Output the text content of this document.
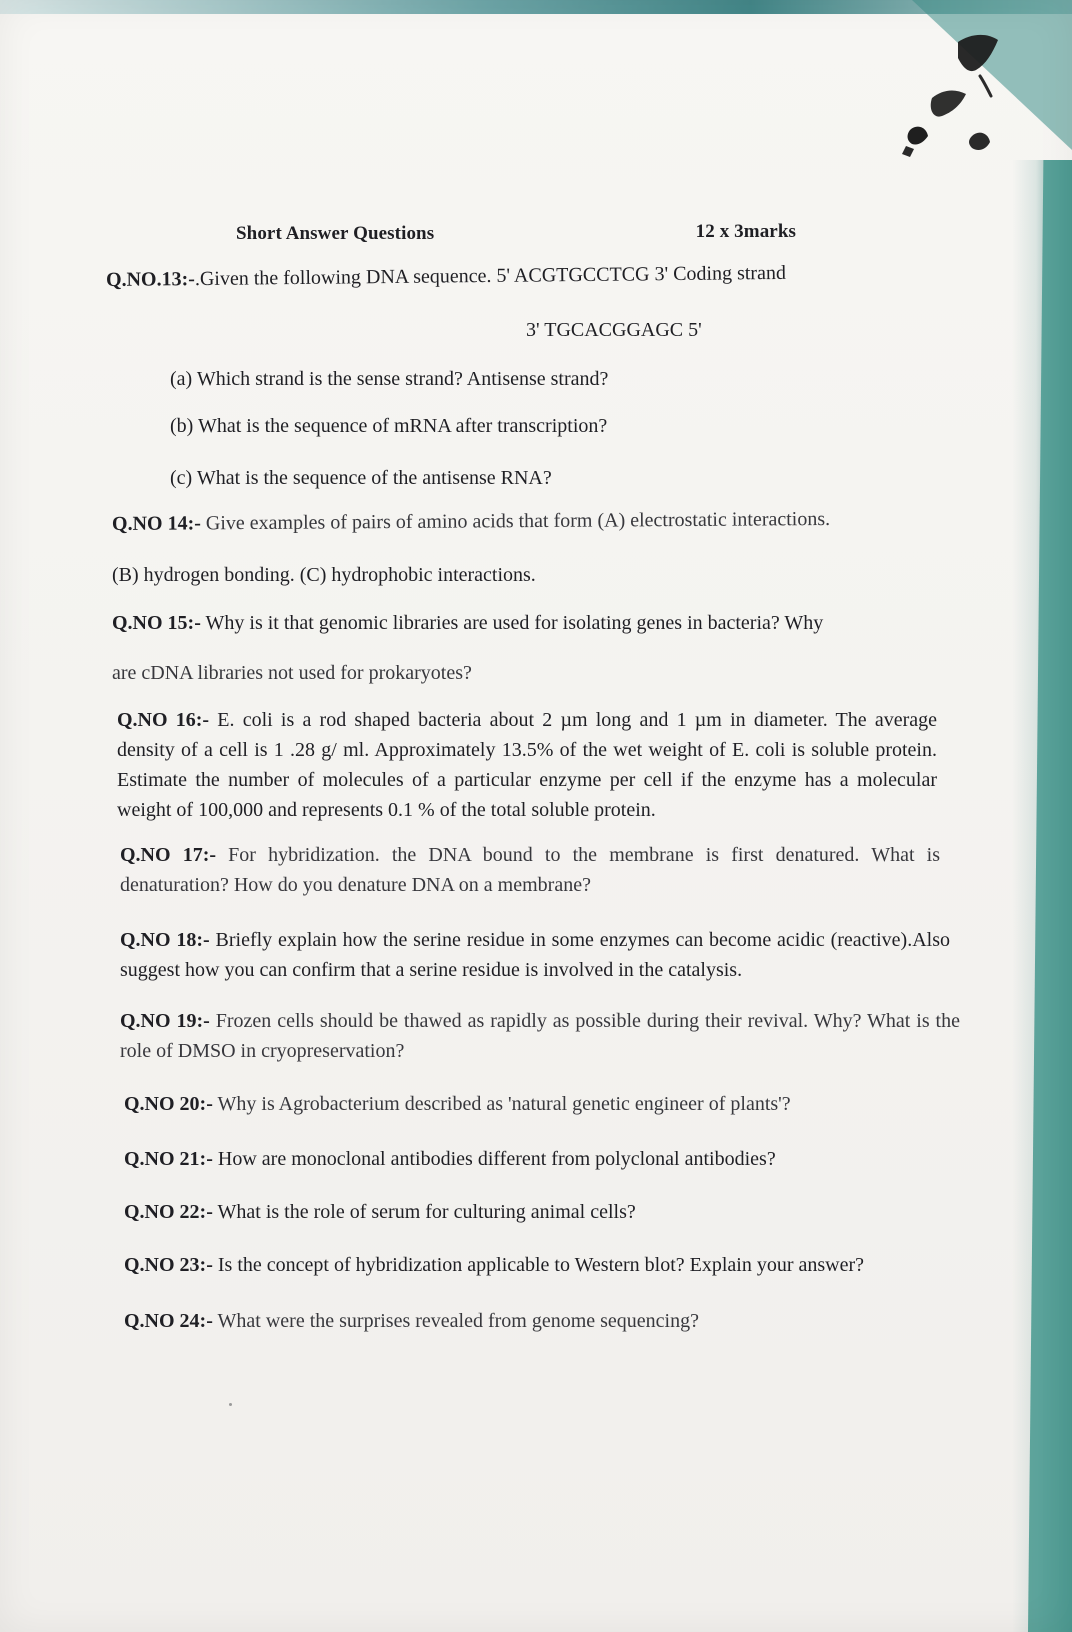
Short Answer Questions	12 x 3marks
Q.NO.13:-.Given the following DNA sequence. 5' ACGTGCCTCG 3' Coding strand
3' TGCACGGAGC 5'
(a) Which strand is the sense strand? Antisense strand?
(b) What is the sequence of mRNA after transcription?
(c) What is the sequence of the antisense RNA?
Q.NO 14:- Give examples of pairs of amino acids that form (A) electrostatic interactions.
(B) hydrogen bonding. (C) hydrophobic interactions.
Q.NO 15:- Why is it that genomic libraries are used for isolating genes in bacteria? Why
are cDNA libraries not used for prokaryotes?
Q.NO 16:- E. coli is a rod shaped bacteria about 2 µm long and 1 µm in diameter. The average density of a cell is 1 .28 g/ ml. Approximately 13.5% of the wet weight of E. coli is soluble protein. Estimate the number of molecules of a particular enzyme per cell if the enzyme has a molecular weight of 100,000 and represents 0.1 % of the total soluble protein.
Q.NO 17:- For hybridization. the DNA bound to the membrane is first denatured. What is denaturation? How do you denature DNA on a membrane?
Q.NO 18:- Briefly explain how the serine residue in some enzymes can become acidic (reactive).Also suggest how you can confirm that a serine residue is involved in the catalysis.
Q.NO 19:- Frozen cells should be thawed as rapidly as possible during their revival. Why? What is the role of DMSO in cryopreservation?
Q.NO 20:- Why is Agrobacterium described as 'natural genetic engineer of plants'?
Q.NO 21:- How are monoclonal antibodies different from polyclonal antibodies?
Q.NO 22:- What is the role of serum for culturing animal cells?
Q.NO 23:- Is the concept of hybridization applicable to Western blot? Explain your answer?
Q.NO 24:- What were the surprises revealed from genome sequencing?
